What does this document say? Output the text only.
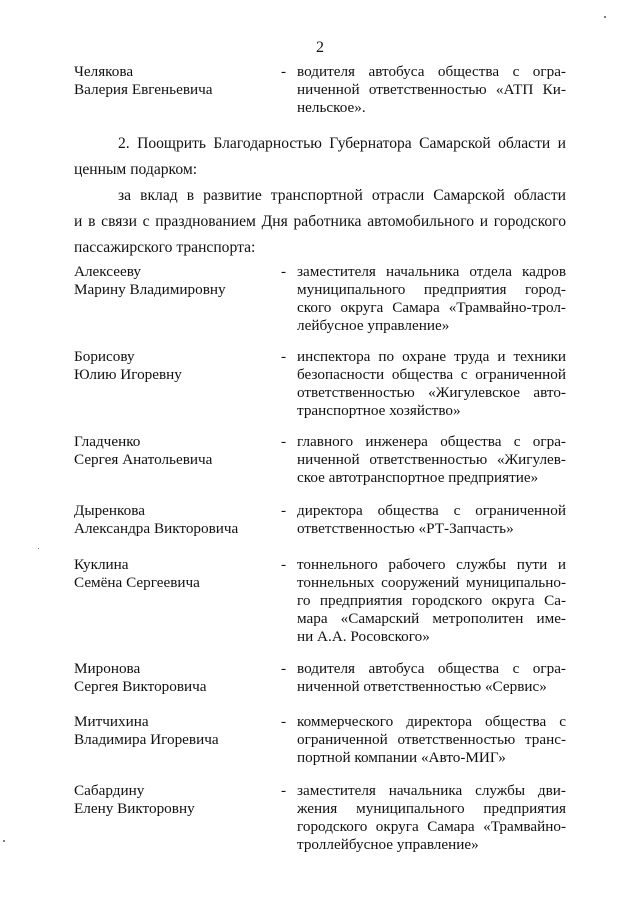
2
Челякова
Валерия Евгеньевича
- водителя автобуса общества с огра-
ниченной ответственностью «АТП Ки-
нельское».
2. Поощрить Благодарностью Губернатора Самарской области и
ценным подарком:
за вклад в развитие транспортной отрасли Самарской области
и в связи с празднованием Дня работника автомобильного и городского
пассажирского транспорта:
Алексееву
Марину Владимировну
- заместителя начальника отдела кадров
муниципального предприятия город-
ского округа Самара «Трамвайно-трол-
лейбусное управление»
Борисову
Юлию Игоревну
- инспектора по охране труда и техники
безопасности общества с ограниченной
ответственностью «Жигулевское авто-
транспортное хозяйство»
Гладченко
Сергея Анатольевича
- главного инженера общества с огра-
ниченной ответственностью «Жигулев-
ское автотранспортное предприятие»
Дыренкова
Александра Викторовича
- директора общества с ограниченной
ответственностью «РТ-Запчасть»
Куклина
Семёна Сергеевича
- тоннельного рабочего службы пути и
тоннельных сооружений муниципально-
го предприятия городского округа Са-
мара «Самарский метрополитен име-
ни А.А. Росовского»
Миронова
Сергея Викторовича
- водителя автобуса общества с огра-
ниченной ответственностью «Сервис»
Митчихина
Владимира Игоревича
- коммерческого директора общества с
ограниченной ответственностью транс-
портной компании «Авто-МИГ»
Сабардину
Елену Викторовну
- заместителя начальника службы дви-
жения муниципального предприятия
городского округа Самара «Трамвайно-
троллейбусное управление»
